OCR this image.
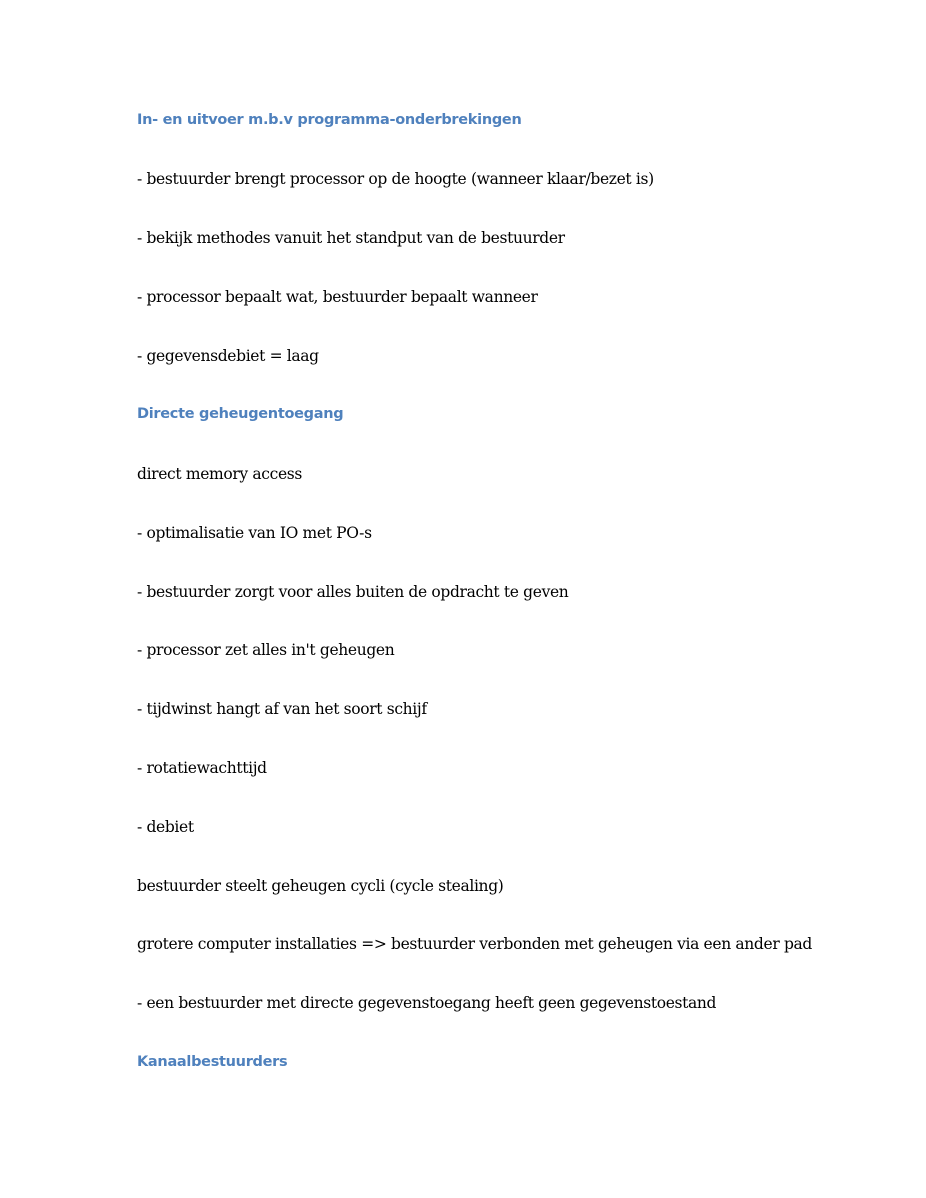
In- en uitvoer m.b.v programma-onderbrekingen
- bestuurder brengt processor op de hoogte (wanneer klaar/bezet is)
- bekijk methodes vanuit het standput van de bestuurder
- processor bepaalt wat, bestuurder bepaalt wanneer
- gegevensdebiet = laag
Directe geheugentoegang
direct memory access
- optimalisatie van IO met PO-s
- bestuurder zorgt voor alles buiten de opdracht te geven
- processor zet alles in't geheugen
- tijdwinst hangt af van het soort schijf
- rotatiewachttijd
- debiet
bestuurder steelt geheugen cycli (cycle stealing)
grotere computer installaties => bestuurder verbonden met geheugen via een ander pad
- een bestuurder met directe gegevenstoegang heeft geen gegevenstoestand
Kanaalbestuurders
